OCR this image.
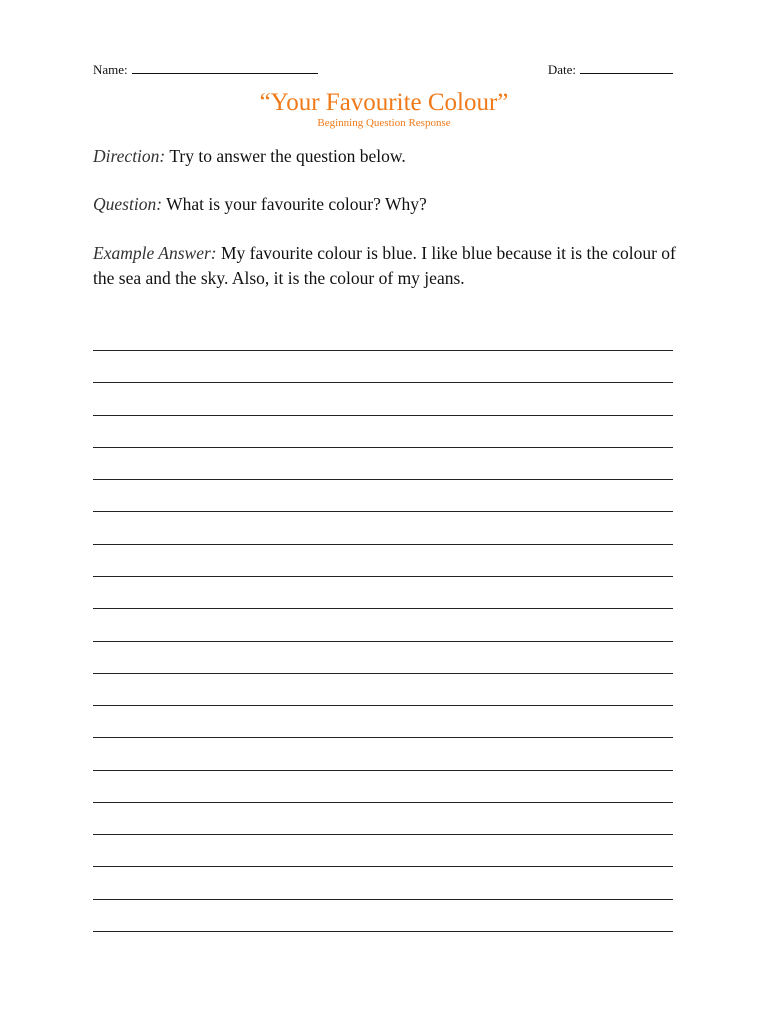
Name:	Date:
“Your Favourite Colour”
Beginning Question Response
Direction: Try to answer the question below.
Question: What is your favourite colour? Why?
Example Answer: My favourite colour is blue. I like blue because it is the colour of the sea and the sky. Also, it is the colour of my jeans.
